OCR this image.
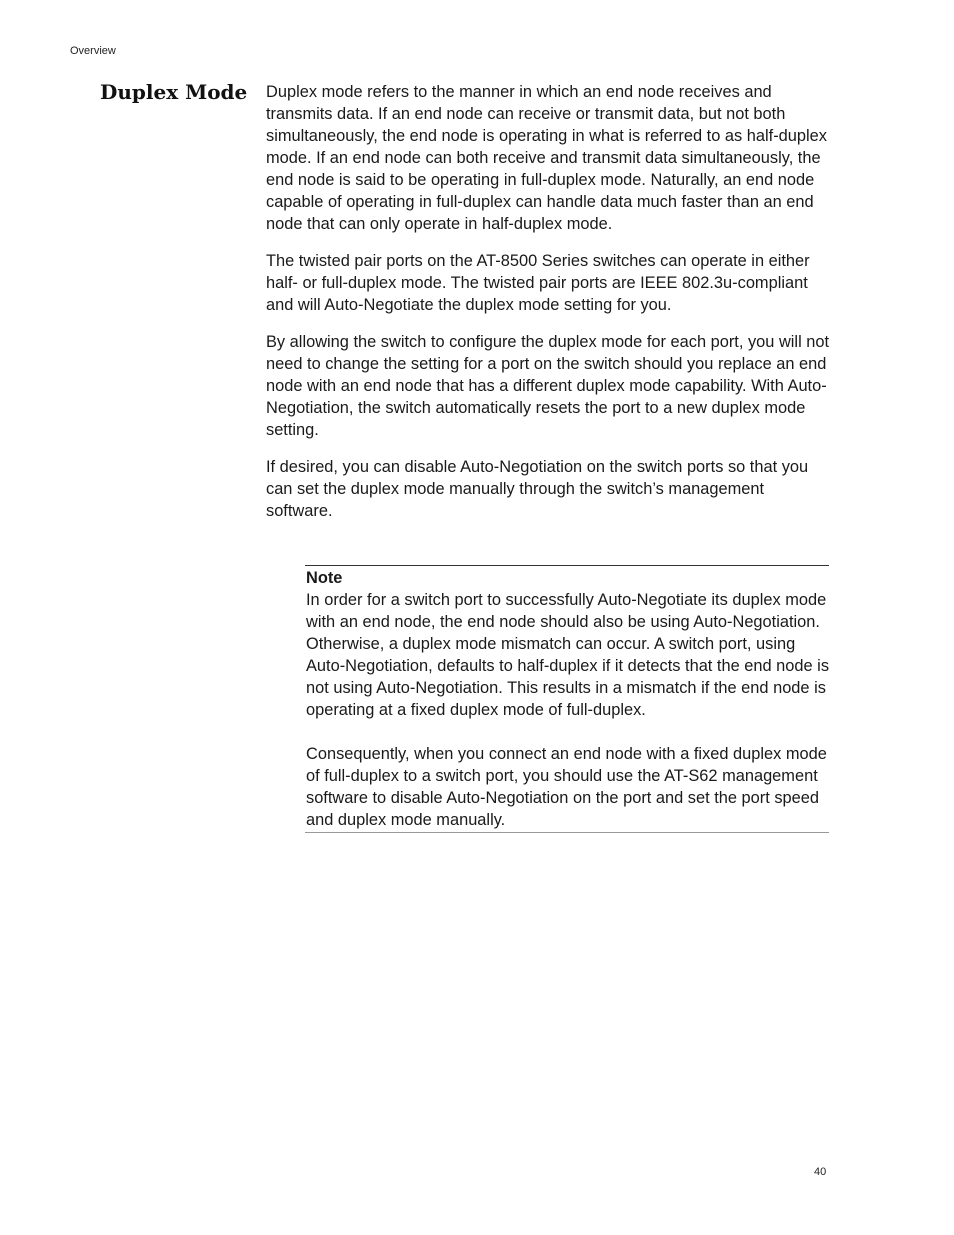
Overview
Duplex Mode Duplex mode refers to the manner in which an end node receives and transmits data. If an end node can receive or transmit data, but not both simultaneously, the end node is operating in what is referred to as half-duplex mode. If an end node can both receive and transmit data simultaneously, the end node is said to be operating in full-duplex mode. Naturally, an end node capable of operating in full-duplex can handle data much faster than an end node that can only operate in half-duplex mode.

The twisted pair ports on the AT-8500 Series switches can operate in either half- or full-duplex mode. The twisted pair ports are IEEE 802.3u-compliant and will Auto-Negotiate the duplex mode setting for you.

By allowing the switch to configure the duplex mode for each port, you will not need to change the setting for a port on the switch should you replace an end node with an end node that has a different duplex mode capability. With Auto-Negotiation, the switch automatically resets the port to a new duplex mode setting.

If desired, you can disable Auto-Negotiation on the switch ports so that you can set the duplex mode manually through the switch’s management software.

Note

In order for a switch port to successfully Auto-Negotiate its duplex mode with an end node, the end node should also be using Auto-Negotiation. Otherwise, a duplex mode mismatch can occur. A switch port, using Auto-Negotiation, defaults to half-duplex if it detects that the end node is not using Auto-Negotiation. This results in a mismatch if the end node is operating at a fixed duplex mode of full-duplex.

Consequently, when you connect an end node with a fixed duplex mode of full-duplex to a switch port, you should use the AT-S62 management software to disable Auto-Negotiation on the port and set the port speed and duplex mode manually.

40
